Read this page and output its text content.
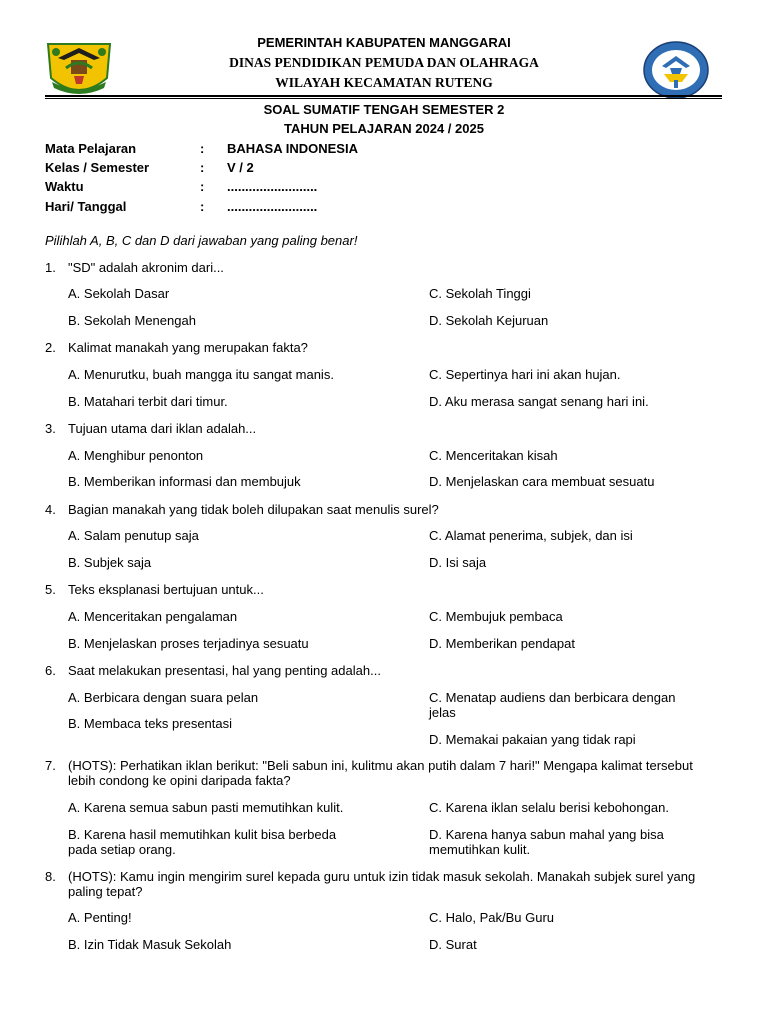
PEMERINTAH KABUPATEN MANGGARAI
DINAS PENDIDIKAN PEMUDA DAN OLAHRAGA
WILAYAH KECAMATAN RUTENG
SOAL SUMATIF TENGAH SEMESTER 2
TAHUN PELAJARAN 2024 / 2025
Mata Pelajaran	: BAHASA INDONESIA
Kelas / Semester	: V / 2
Waktu	: .........................
Hari/ Tanggal	: .........................
Pilihlah A, B, C dan D dari jawaban yang paling benar!
1. "SD" adalah akronim dari...
A. Sekolah Dasar
B. Sekolah Menengah
C. Sekolah Tinggi
D. Sekolah Kejuruan
2. Kalimat manakah yang merupakan fakta?
A. Menurutku, buah mangga itu sangat manis.
B. Matahari terbit dari timur.
C. Sepertinya hari ini akan hujan.
D. Aku merasa sangat senang hari ini.
3. Tujuan utama dari iklan adalah...
A. Menghibur penonton
B. Memberikan informasi dan membujuk
C. Menceritakan kisah
D. Menjelaskan cara membuat sesuatu
4. Bagian manakah yang tidak boleh dilupakan saat menulis surel?
A. Salam penutup saja
B. Subjek saja
C. Alamat penerima, subjek, dan isi
D. Isi saja
5. Teks eksplanasi bertujuan untuk...
A. Menceritakan pengalaman
B. Menjelaskan proses terjadinya sesuatu
C. Membujuk pembaca
D. Memberikan pendapat
6. Saat melakukan presentasi, hal yang penting adalah...
A. Berbicara dengan suara pelan
B. Membaca teks presentasi
C. Menatap audiens dan berbicara dengan jelas
D. Memakai pakaian yang tidak rapi
7. (HOTS): Perhatikan iklan berikut: "Beli sabun ini, kulitmu akan putih dalam 7 hari!" Mengapa kalimat tersebut lebih condong ke opini daripada fakta?
A. Karena semua sabun pasti memutihkan kulit.
B. Karena hasil memutihkan kulit bisa berbeda pada setiap orang.
C. Karena iklan selalu berisi kebohongan.
D. Karena hanya sabun mahal yang bisa memutihkan kulit.
8. (HOTS): Kamu ingin mengirim surel kepada guru untuk izin tidak masuk sekolah. Manakah subjek surel yang paling tepat?
A. Penting!
B. Izin Tidak Masuk Sekolah
C. Halo, Pak/Bu Guru
D. Surat
